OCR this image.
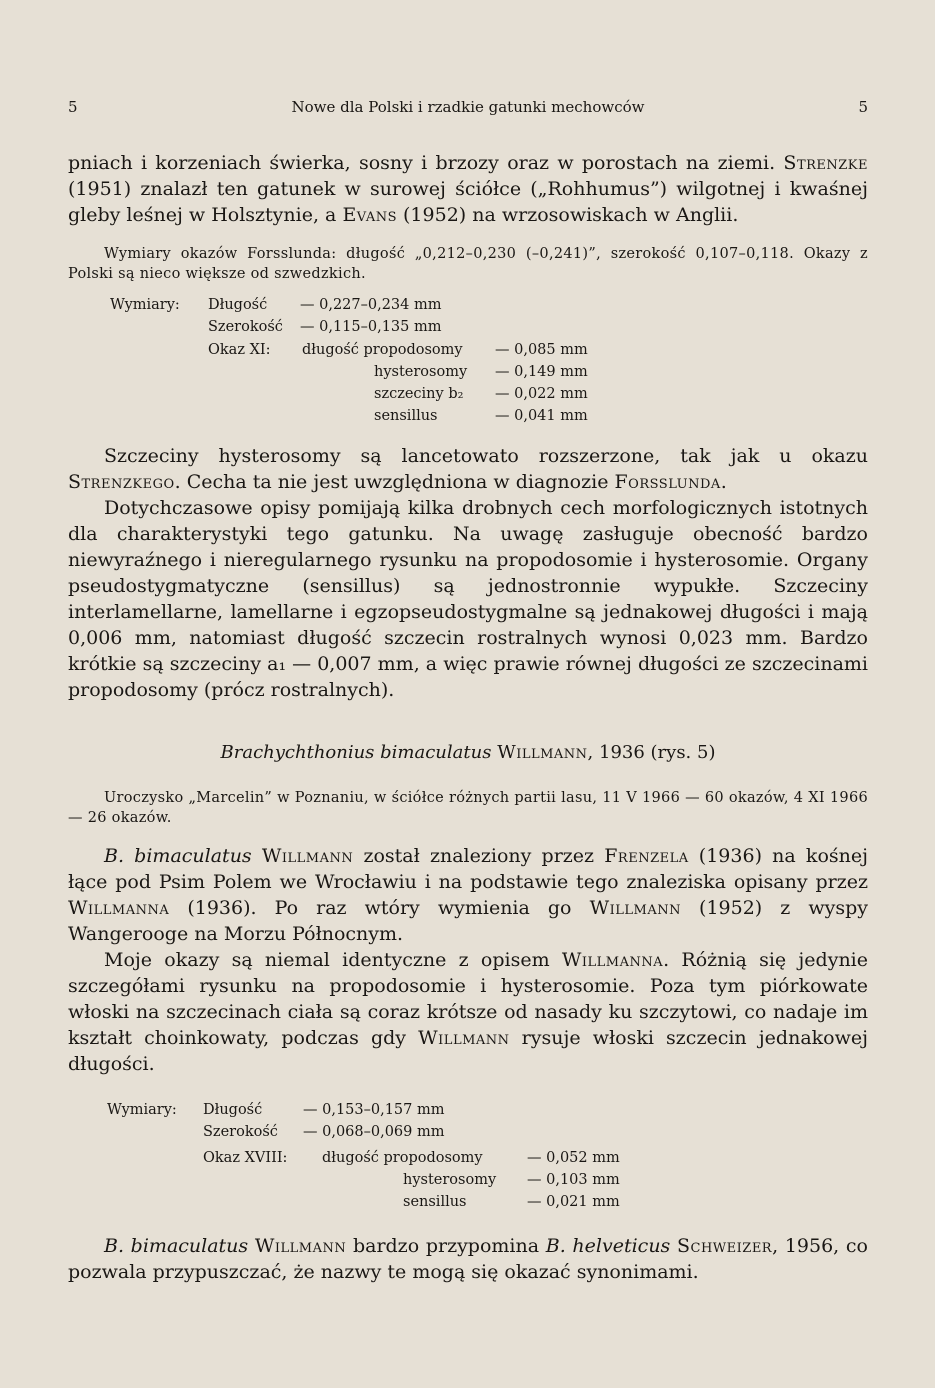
5	Nowe dla Polski i rzadkie gatunki mechowców	5

pniach i korzeniach świerka, sosny i brzozy oraz w porostach na ziemi. Strenzke (1951) znalazł ten gatunek w surowej ściółce („Rohhumus”) wilgotnej i kwaśnej gleby leśnej w Holsztynie, a Evans (1952) na wrzosowiskach w Anglii.

Wymiary okazów Forsslunda: długość „0,212–0,230 (–0,241)”, szerokość 0,107–0,118. Okazy z Polski są nieco większe od szwedzkich.

Wymiary: Długość — 0,227–0,234 mm
Szerokość — 0,115–0,135 mm
Okaz XI: długość propodosomy — 0,085 mm
hysterosomy — 0,149 mm
szczeciny b₂ — 0,022 mm
sensillus	— 0,041 mm

Szczeciny hysterosomy są lancetowato rozszerzone, tak jak u okazu Strenzkego. Cecha ta nie jest uwzględniona w diagnozie Forsslunda.

Dotychczasowe opisy pomijają kilka drobnych cech morfologicznych istotnych dla charakterystyki tego gatunku. Na uwagę zasługuje obecność bardzo niewyraźnego i nieregularnego rysunku na propodosomie i hysterosomie. Organy pseudostygmatyczne (sensillus) są jednostronnie wypukłe. Szczeciny interlamellarne, lamellarne i egzopseudostygmalne są jednakowej długości i mają 0,006 mm, natomiast długość szczecin rostralnych wynosi 0,023 mm. Bardzo krótkie są szczeciny a₁ — 0,007 mm, a więc prawie równej długości ze szczecinami propodosomy (prócz rostralnych).

Brachychthonius bimaculatus Willmann, 1936 (rys. 5)

Uroczysko „Marcelin” w Poznaniu, w ściółce różnych partii lasu, 11 V 1966 — 60 okazów, 4 XI 1966 — 26 okazów.

B. bimaculatus Willmann został znaleziony przez Frenzela (1936) na kośnej łące pod Psim Polem we Wrocławiu i na podstawie tego znaleziska opisany przez Willmanna (1936). Po raz wtóry wymienia go Willmann (1952) z wyspy Wangerooge na Morzu Północnym.

Moje okazy są niemal identyczne z opisem Willmanna. Różnią się jedynie szczegółami rysunku na propodosomie i hysterosomie. Poza tym piórkowate włoski na szczecinach ciała są coraz krótsze od nasady ku szczytowi, co nadaje im kształt choinkowaty, podczas gdy Willmann rysuje włoski szczecin jednakowej długości.

Wymiary: Długość	— 0,153–0,157 mm
Szerokość — 0,068–0,069 mm
Okaz XVIII: długość propodosomy	— 0,052 mm
hysterosomy — 0,103 mm
sensillus	— 0,021 mm

B. bimaculatus Willmann bardzo przypomina B. helveticus Schweizer, 1956, co pozwala przypuszczać, że nazwy te mogą się okazać synonimami.
